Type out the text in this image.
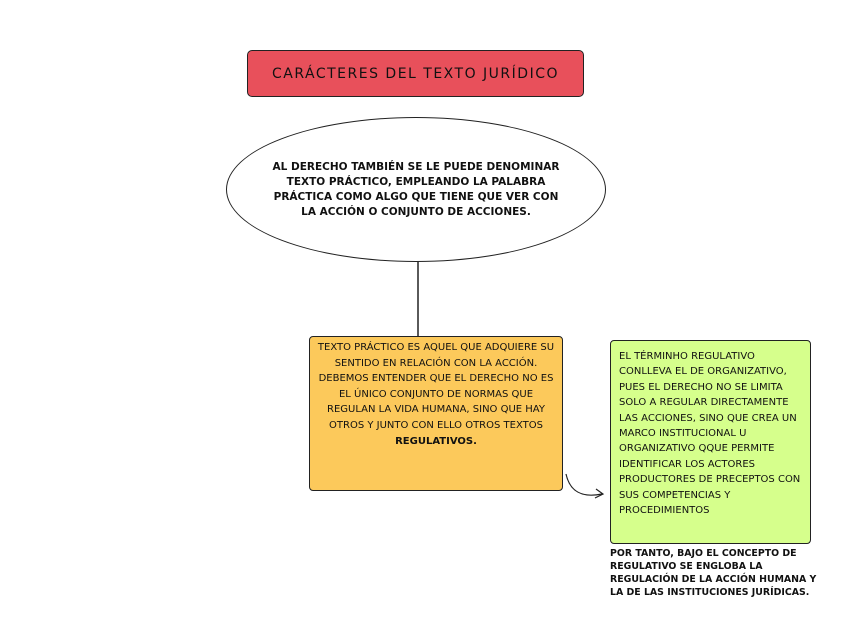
CARÁCTERES DEL TEXTO JURÍDICO
AL DERECHO TAMBIÉN SE LE PUEDE DENOMINAR TEXTO PRÁCTICO, EMPLEANDO LA PALABRA PRÁCTICA COMO ALGO QUE TIENE QUE VER CON LA ACCIÓN O CONJUNTO DE ACCIONES.

TEXTO PRÁCTICO ES AQUEL QUE ADQUIERE SU SENTIDO EN RELACIÓN CON LA ACCIÓN.

DEBEMOS ENTENDER QUE EL DERECHO NO ES EL ÚNICO CONJUNTO DE NORMAS QUE REGULAN LA VIDA HUMANA, SINO QUE HAY OTROS Y JUNTO CON ELLO OTROS TEXTOS REGULATIVOS.

EL TÉRMINHO REGULATIVO CONLLEVA EL DE ORGANIZATIVO, PUES EL DERECHO NO SE LIMITA SOLO A REGULAR DIRECTAMENTE LAS ACCIONES, SINO QUE CREA UN MARCO INSTITUCIONAL U ORGANIZATIVO QQUE PERMITE IDENTIFICAR LOS ACTORES PRODUCTORES DE PRECEPTOS CON SUS COMPETENCIAS Y PROCEDIMIENTOS
POR TANTO, BAJO EL CONCEPTO DE REGULATIVO SE ENGLOBA LA REGULACIÓN DE LA ACCIÓN HUMANA Y LA DE LAS INSTITUCIONES JURÍDICAS.
